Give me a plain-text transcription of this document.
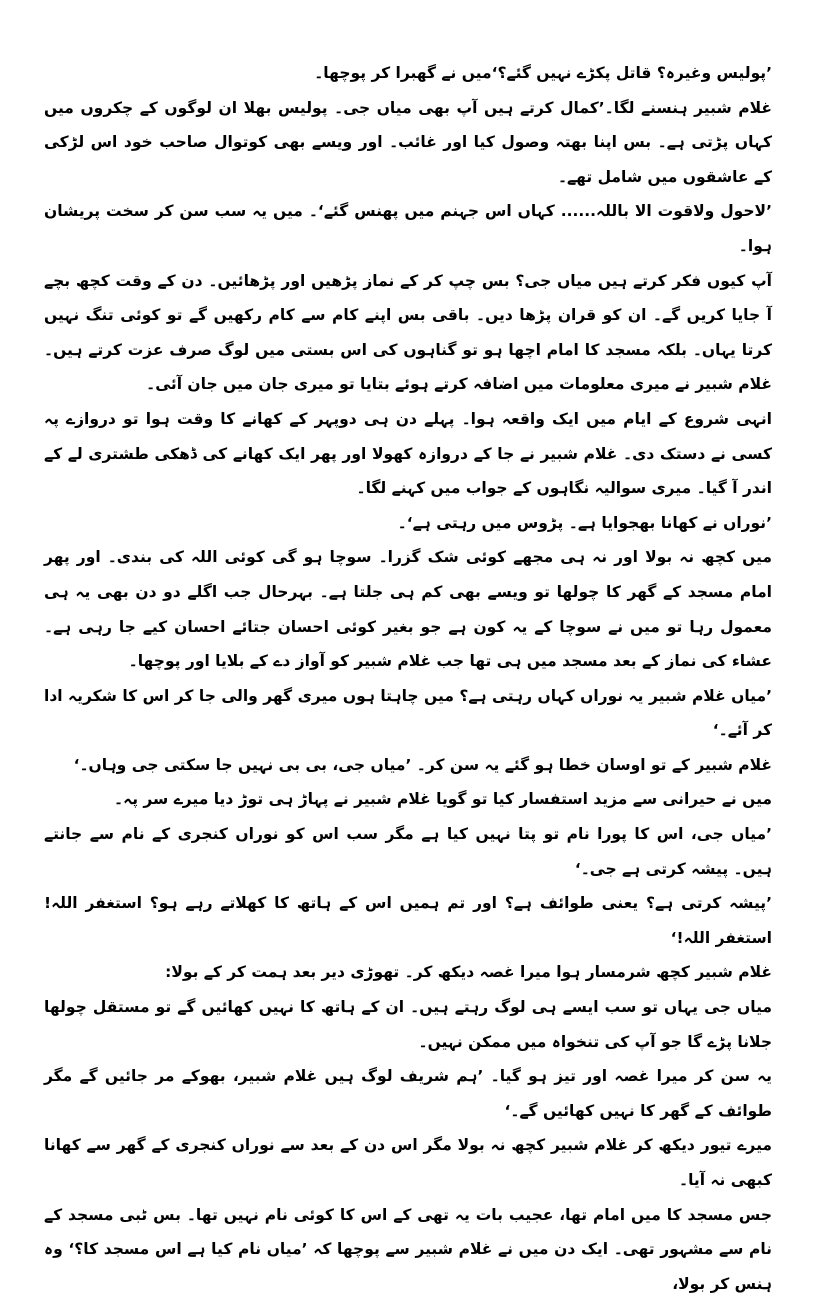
’پولیس وغیرہ؟ قاتل پکڑے نہیں گئے؟‘میں نے گھبرا کر پوچھا۔

غلام شبیر ہنسنے لگا۔’کمال کرتے ہیں آپ بھی میاں جی۔ پولیس بھلا ان لوگوں کے چکروں میں کہاں پڑتی ہے۔ بس اپنا بھتہ وصول کیا اور غائب۔ اور ویسے بھی کوتوال صاحب خود اس لڑکی کے عاشقوں میں شامل تھے۔

’لاحول ولاقوت الا باللہ...... کہاں اس جہنم میں پھنس گئے‘۔ میں یہ سب سن کر سخت پریشان ہوا۔

آپ کیوں فکر کرتے ہیں میاں جی؟ بس چپ کر کے نماز پڑھیں اور پڑھائیں۔ دن کے وقت کچھ بچے آ جایا کریں گے۔ ان کو قران پڑھا دیں۔ باقی بس اپنے کام سے کام رکھیں گے تو کوئی تنگ نہیں کرتا یہاں۔ بلکہ مسجد کا امام اچھا ہو تو گناہوں کی اس بستی میں لوگ صرف عزت کرتے ہیں۔ غلام شبیر نے میری معلومات میں اضافہ کرتے ہوئے بتایا تو میری جان میں جان آئی۔

انہی شروع کے ایام میں ایک واقعہ ہوا۔ پہلے دن ہی دوپہر کے کھانے کا وقت ہوا تو دروازے پہ کسی نے دستک دی۔ غلام شبیر نے جا کے دروازہ کھولا اور پھر ایک کھانے کی ڈھکی طشتری لے کے اندر آ گیا۔ میری سوالیہ نگاہوں کے جواب میں کہنے لگا۔

’نوراں نے کھانا بھجوایا ہے۔ پڑوس میں رہتی ہے‘۔

میں کچھ نہ بولا اور نہ ہی مجھے کوئی شک گزرا۔ سوچا ہو گی کوئی اللہ کی بندی۔ اور پھر امام مسجد کے گھر کا چولھا تو ویسے بھی کم ہی جلتا ہے۔ بہرحال جب اگلے دو دن بھی یہ ہی معمول رہا تو میں نے سوچا کے یہ کون ہے جو بغیر کوئی احسان جتائے احسان کیے جا رہی ہے۔ عشاء کی نماز کے بعد مسجد میں ہی تھا جب غلام شبیر کو آواز دے کے بلایا اور پوچھا۔

’میاں غلام شبیر یہ نوراں کہاں رہتی ہے؟ میں چاہتا ہوں میری گھر والی جا کر اس کا شکریہ ادا کر آئے۔‘

غلام شبیر کے تو اوسان خطا ہو گئے یہ سن کر۔ ’میاں جی، بی بی نہیں جا سکتی جی وہاں۔‘

میں نے حیرانی سے مزید استفسار کیا تو گویا غلام شبیر نے پہاڑ ہی توڑ دیا میرے سر پہ۔

’میاں جی، اس کا پورا نام تو پتا نہیں کیا ہے مگر سب اس کو نوراں کنجری کے نام سے جانتے ہیں۔ پیشہ کرتی ہے جی۔‘

’پیشہ کرتی ہے؟ یعنی طوائف ہے؟ اور تم ہمیں اس کے ہاتھ کا کھلاتے رہے ہو؟ استغفر اللہ! استغفر اللہ!‘

غلام شبیر کچھ شرمسار ہوا میرا غصہ دیکھ کر۔ تھوڑی دیر بعد ہمت کر کے بولا:

میاں جی یہاں تو سب ایسے ہی لوگ رہتے ہیں۔ ان کے ہاتھ کا نہیں کھائیں گے تو مستقل چولھا جلانا پڑے گا جو آپ کی تنخواہ میں ممکن نہیں۔

یہ سن کر میرا غصہ اور تیز ہو گیا۔ ’ہم شریف لوگ ہیں غلام شبیر، بھوکے مر جائیں گے مگر طوائف کے گھر کا نہیں کھائیں گے۔‘

میرے تیور دیکھ کر غلام شبیر کچھ نہ بولا مگر اس دن کے بعد سے نوراں کنجری کے گھر سے کھانا کبھی نہ آیا۔

جس مسجد کا میں امام تھا، عجیب بات یہ تھی کے اس کا کوئی نام نہیں تھا۔ بس ٹبی مسجد کے نام سے مشہور تھی۔ ایک دن میں نے غلام شبیر سے پوچھا کہ ’میاں نام کیا ہے اس مسجد کا؟‘ وہ ہنس کر بولا،
